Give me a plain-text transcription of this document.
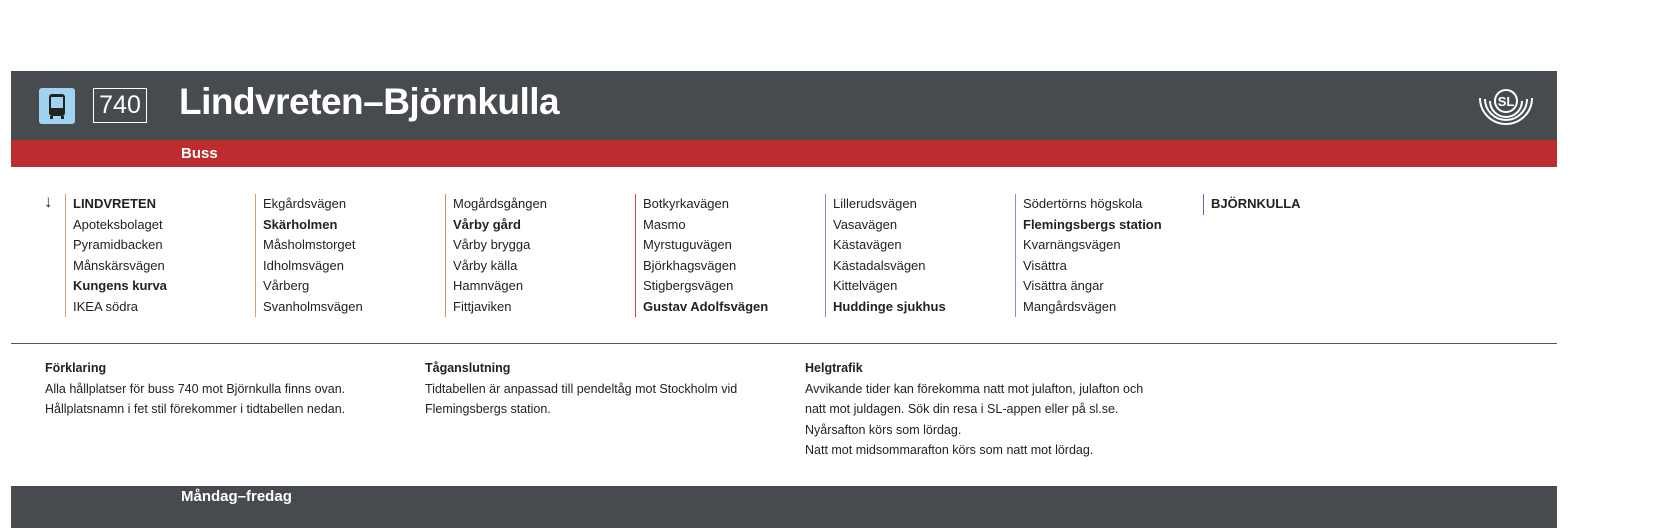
740 Lindvreten–Björnkulla	SL
Buss
↓ LINDVRETEN
Apoteksbolaget
Pyramidbacken
Månskärsvägen
Kungens kurva
IKEA södra
Ekgårdsvägen
Skärholmen
Måsholmstorget
Idholmsvägen
Vårberg
Svanholmsvägen
Mogårdsgången
Vårby gård
Vårby brygga
Vårby källa
Hamnvägen
Fittjaviken
Botkyrkavägen
Masmo
Myrstuguvägen
Björkhagsvägen
Stigbergsvägen
Gustav Adolfsvägen
Lillerudsvägen
Vasavägen
Kästavägen
Kästadalsvägen
Kittelvägen
Huddinge sjukhus
Södertörns högskola
Flemingsbergs station
Kvarnängsvägen
Visättra
Visättra ängar
Mangårdsvägen
BJÖRNKULLA
Förklaring
Alla hållplatser för buss 740 mot Björnkulla finns ovan.
Hållplatsnamn i fet stil förekommer i tidtabellen nedan.
Tåganslutning
Tidtabellen är anpassad till pendeltåg mot Stockholm vid
Flemingsbergs station.
Helgtrafik
Avvikande tider kan förekomma natt mot julafton, julafton och
natt mot juldagen. Sök din resa i SL-appen eller på sl.se.
Nyårsafton körs som lördag.
Natt mot midsommarafton körs som natt mot lördag.
Måndag–fredag
